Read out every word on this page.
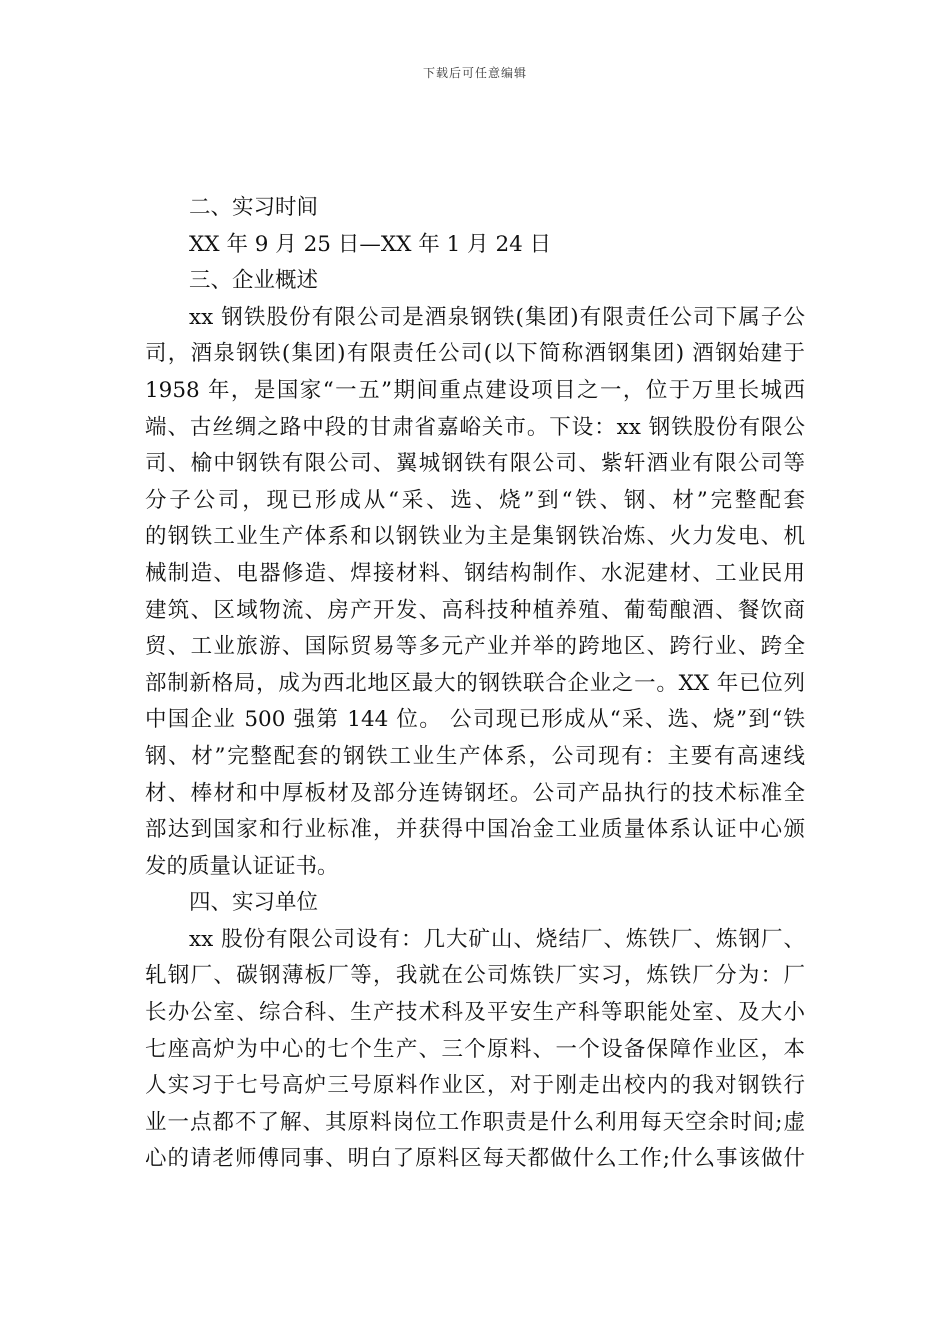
下载后可任意编辑
二、实习时间
XX 年 9 月 25 日—XX 年 1 月 24 日
三、企业概述
xx 钢铁股份有限公司是酒泉钢铁(集团)有限责任公司下属子公
司，酒泉钢铁(集团)有限责任公司(以下简称酒钢集团) 酒钢始建于
1958 年，是国家“一五”期间重点建设项目之一，位于万里长城西
端、古丝绸之路中段的甘肃省嘉峪关市。下设：xx 钢铁股份有限公
司、榆中钢铁有限公司、翼城钢铁有限公司、紫轩酒业有限公司等
分子公司，现已形成从“采、选、烧”到“铁、钢、材”完整配套
的钢铁工业生产体系和以钢铁业为主是集钢铁冶炼、火力发电、机
械制造、电器修造、焊接材料、钢结构制作、水泥建材、工业民用
建筑、区域物流、房产开发、高科技种植养殖、葡萄酿酒、餐饮商
贸、工业旅游、国际贸易等多元产业并举的跨地区、跨行业、跨全
部制新格局，成为西北地区最大的钢铁联合企业之一。XX 年已位列
中国企业 500 强第 144 位。 公司现已形成从“采、选、烧”到“铁
钢、材”完整配套的钢铁工业生产体系，公司现有：主要有高速线
材、棒材和中厚板材及部分连铸钢坯。公司产品执行的技术标准全
部达到国家和行业标准，并获得中国冶金工业质量体系认证中心颁
发的质量认证证书。
四、实习单位
xx 股份有限公司设有：几大矿山、烧结厂、炼铁厂、炼钢厂、
轧钢厂、碳钢薄板厂等，我就在公司炼铁厂实习，炼铁厂分为：厂
长办公室、综合科、生产技术科及平安生产科等职能处室、及大小
七座高炉为中心的七个生产、三个原料、一个设备保障作业区，本
人实习于七号高炉三号原料作业区，对于刚走出校内的我对钢铁行
业一点都不了解、其原料岗位工作职责是什么利用每天空余时间;虚
心的请老师傅同事、明白了原料区每天都做什么工作;什么事该做什
